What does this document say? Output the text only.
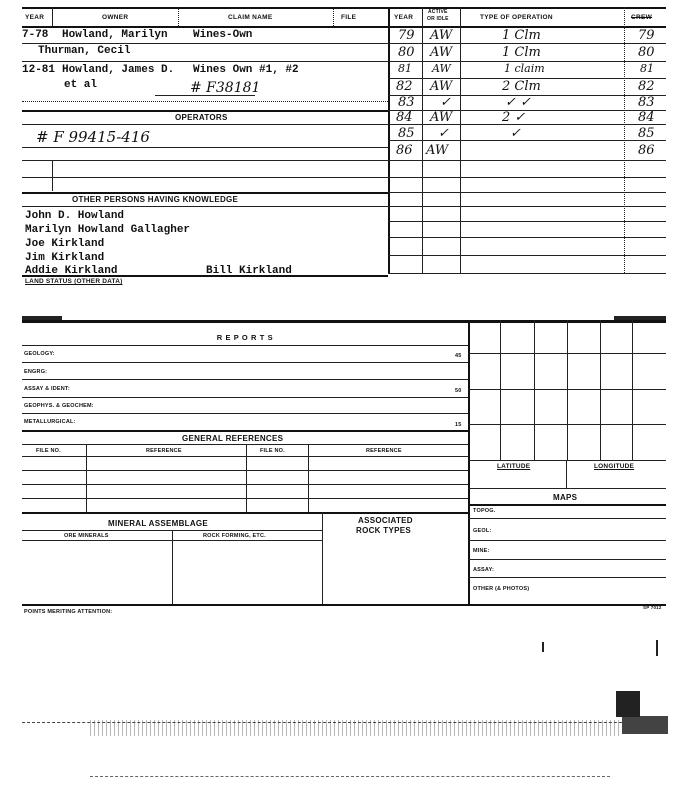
YEAR	OWNER	CLAIM NAME	FILE	YEAR
ACTIVE
OR IDLE	TYPE OF OPERATION	CREW
7-78 Howland, Marilyn Wines-Own
Thurman, Cecil
12-81 Howland, James D. Wines Own #1, #2
et al	# F38181
OPERATORS
# F 99415-416
OTHER PERSONS HAVING KNOWLEDGE
John D. Howland
Marilyn Howland Gallagher
Joe Kirkland
Jim Kirkland
Addie Kirkland	Bill Kirkland
LAND STATUS (OTHER DATA)
79 AW	1 Clm	79
80 AW	1 Clm	80
81 AW	1 claim	81
82 AW	2 Clm	82
83 ✓	✓ ✓	83
84 AW	2 ✓	84
85 ✓	✓	85
86 AW	86
R E P O R T S
GEOLOGY:	45
ENGRG:
ASSAY & IDENT:	50
GEOPHYS. & GEOCHEM:
METALLURGICAL:	15
GENERAL REFERENCES
FILE NO.	REFERENCE	FILE NO.	REFERENCE
MINERAL ASSEMBLAGE	ASSOCIATED
ROCK TYPES
ORE MINERALS	ROCK FORMING, ETC.
LATITUDE	LONGITUDE
MAPS
TOPOG.
GEOL:
MINE:
ASSAY:
OTHER (& PHOTOS)
POINTS MERITING ATTENTION:
SP 7012
